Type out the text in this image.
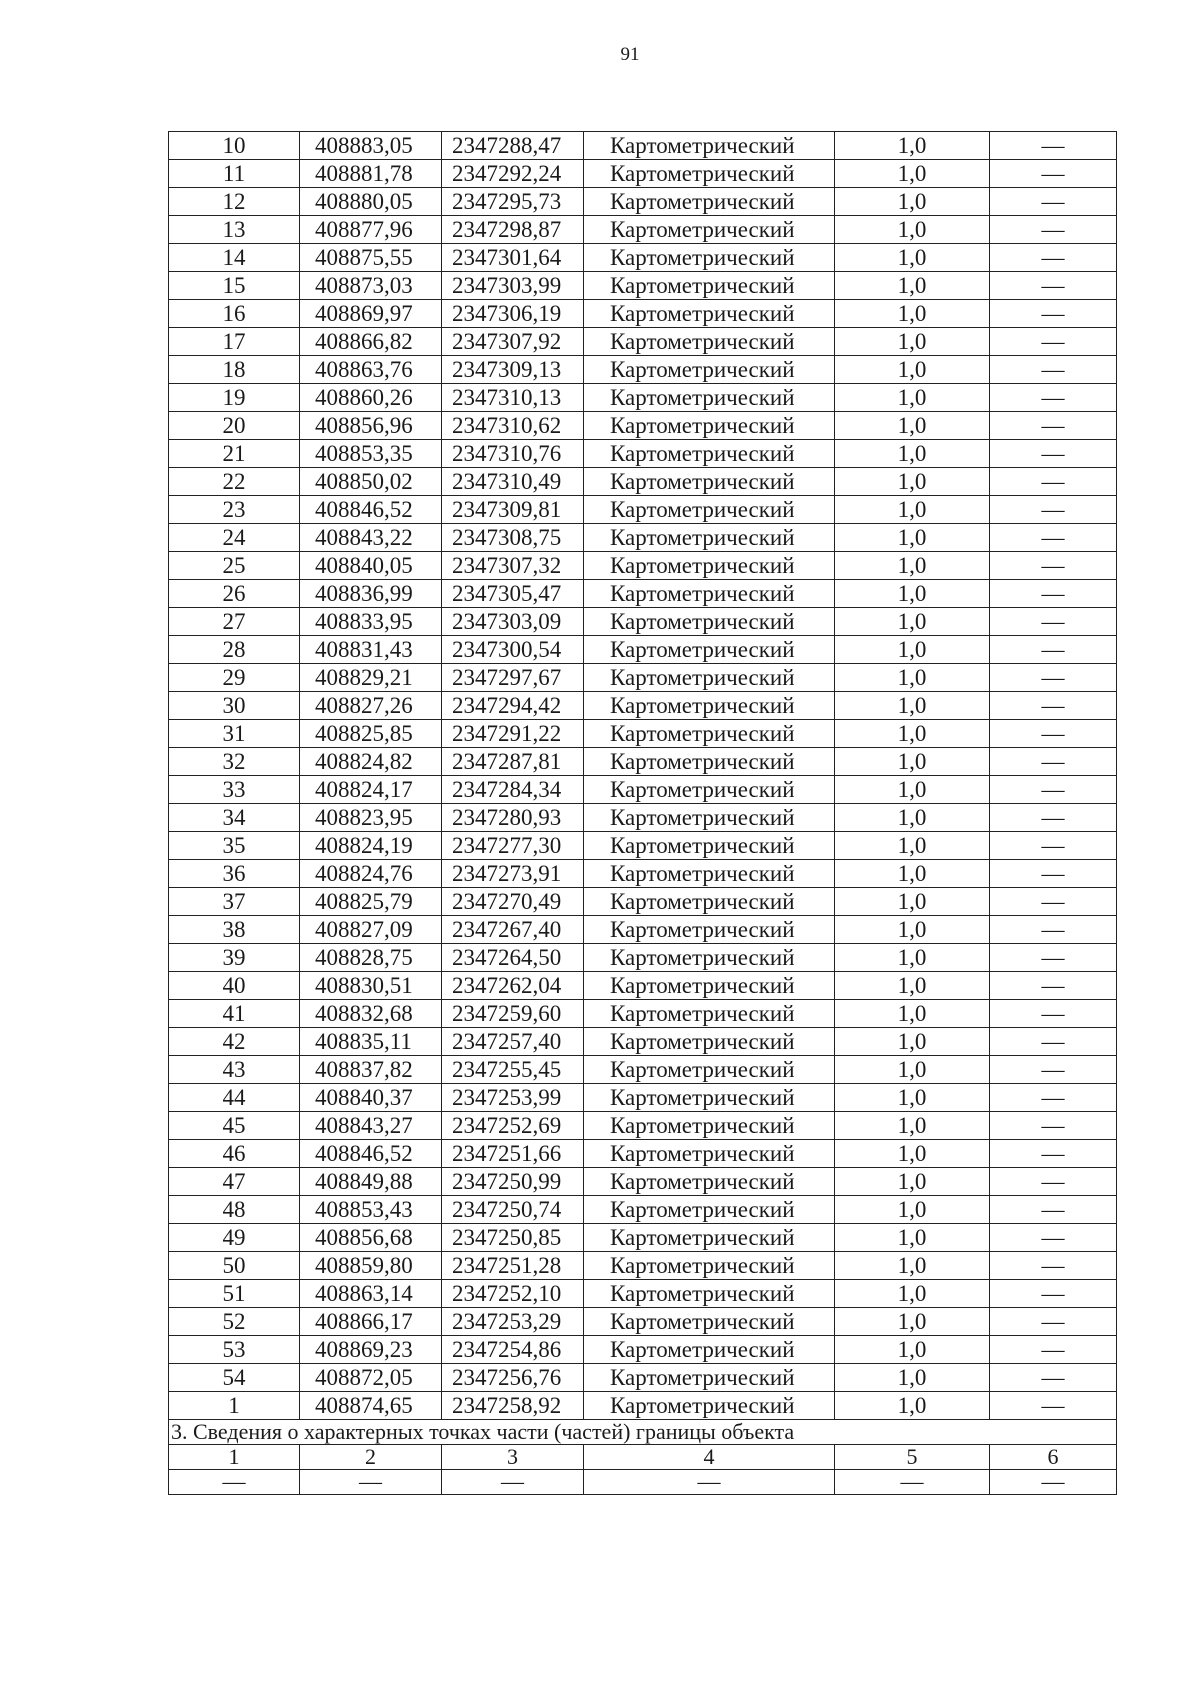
91
10	408883,05	2347288,47	Картометрический	1,0	—
11	408881,78	2347292,24	Картометрический	1,0	—
12	408880,05	2347295,73	Картометрический	1,0	—
13	408877,96	2347298,87	Картометрический	1,0	—
14	408875,55	2347301,64	Картометрический	1,0	—
15	408873,03	2347303,99	Картометрический	1,0	—
16	408869,97	2347306,19	Картометрический	1,0	—
17	408866,82	2347307,92	Картометрический	1,0	—
18	408863,76	2347309,13	Картометрический	1,0	—
19	408860,26	2347310,13	Картометрический	1,0	—
20	408856,96	2347310,62	Картометрический	1,0	—
21	408853,35	2347310,76	Картометрический	1,0	—
22	408850,02	2347310,49	Картометрический	1,0	—
23	408846,52	2347309,81	Картометрический	1,0	—
24	408843,22	2347308,75	Картометрический	1,0	—
25	408840,05	2347307,32	Картометрический	1,0	—
26	408836,99	2347305,47	Картометрический	1,0	—
27	408833,95	2347303,09	Картометрический	1,0	—
28	408831,43	2347300,54	Картометрический	1,0	—
29	408829,21	2347297,67	Картометрический	1,0	—
30	408827,26	2347294,42	Картометрический	1,0	—
31	408825,85	2347291,22	Картометрический	1,0	—
32	408824,82	2347287,81	Картометрический	1,0	—
33	408824,17	2347284,34	Картометрический	1,0	—
34	408823,95	2347280,93	Картометрический	1,0	—
35	408824,19	2347277,30	Картометрический	1,0	—
36	408824,76	2347273,91	Картометрический	1,0	—
37	408825,79	2347270,49	Картометрический	1,0	—
38	408827,09	2347267,40	Картометрический	1,0	—
39	408828,75	2347264,50	Картометрический	1,0	—
40	408830,51	2347262,04	Картометрический	1,0	—
41	408832,68	2347259,60	Картометрический	1,0	—
42	408835,11	2347257,40	Картометрический	1,0	—
43	408837,82	2347255,45	Картометрический	1,0	—
44	408840,37	2347253,99	Картометрический	1,0	—
45	408843,27	2347252,69	Картометрический	1,0	—
46	408846,52	2347251,66	Картометрический	1,0	—
47	408849,88	2347250,99	Картометрический	1,0	—
48	408853,43	2347250,74	Картометрический	1,0	—
49	408856,68	2347250,85	Картометрический	1,0	—
50	408859,80	2347251,28	Картометрический	1,0	—
51	408863,14	2347252,10	Картометрический	1,0	—
52	408866,17	2347253,29	Картометрический	1,0	—
53	408869,23	2347254,86	Картометрический	1,0	—
54	408872,05	2347256,76	Картометрический	1,0	—
1	408874,65	2347258,92	Картометрический	1,0	—
3. Сведения о характерных точках части (частей) границы объекта					
1	2	3	4	5	6
—	—	—	—	—	—
